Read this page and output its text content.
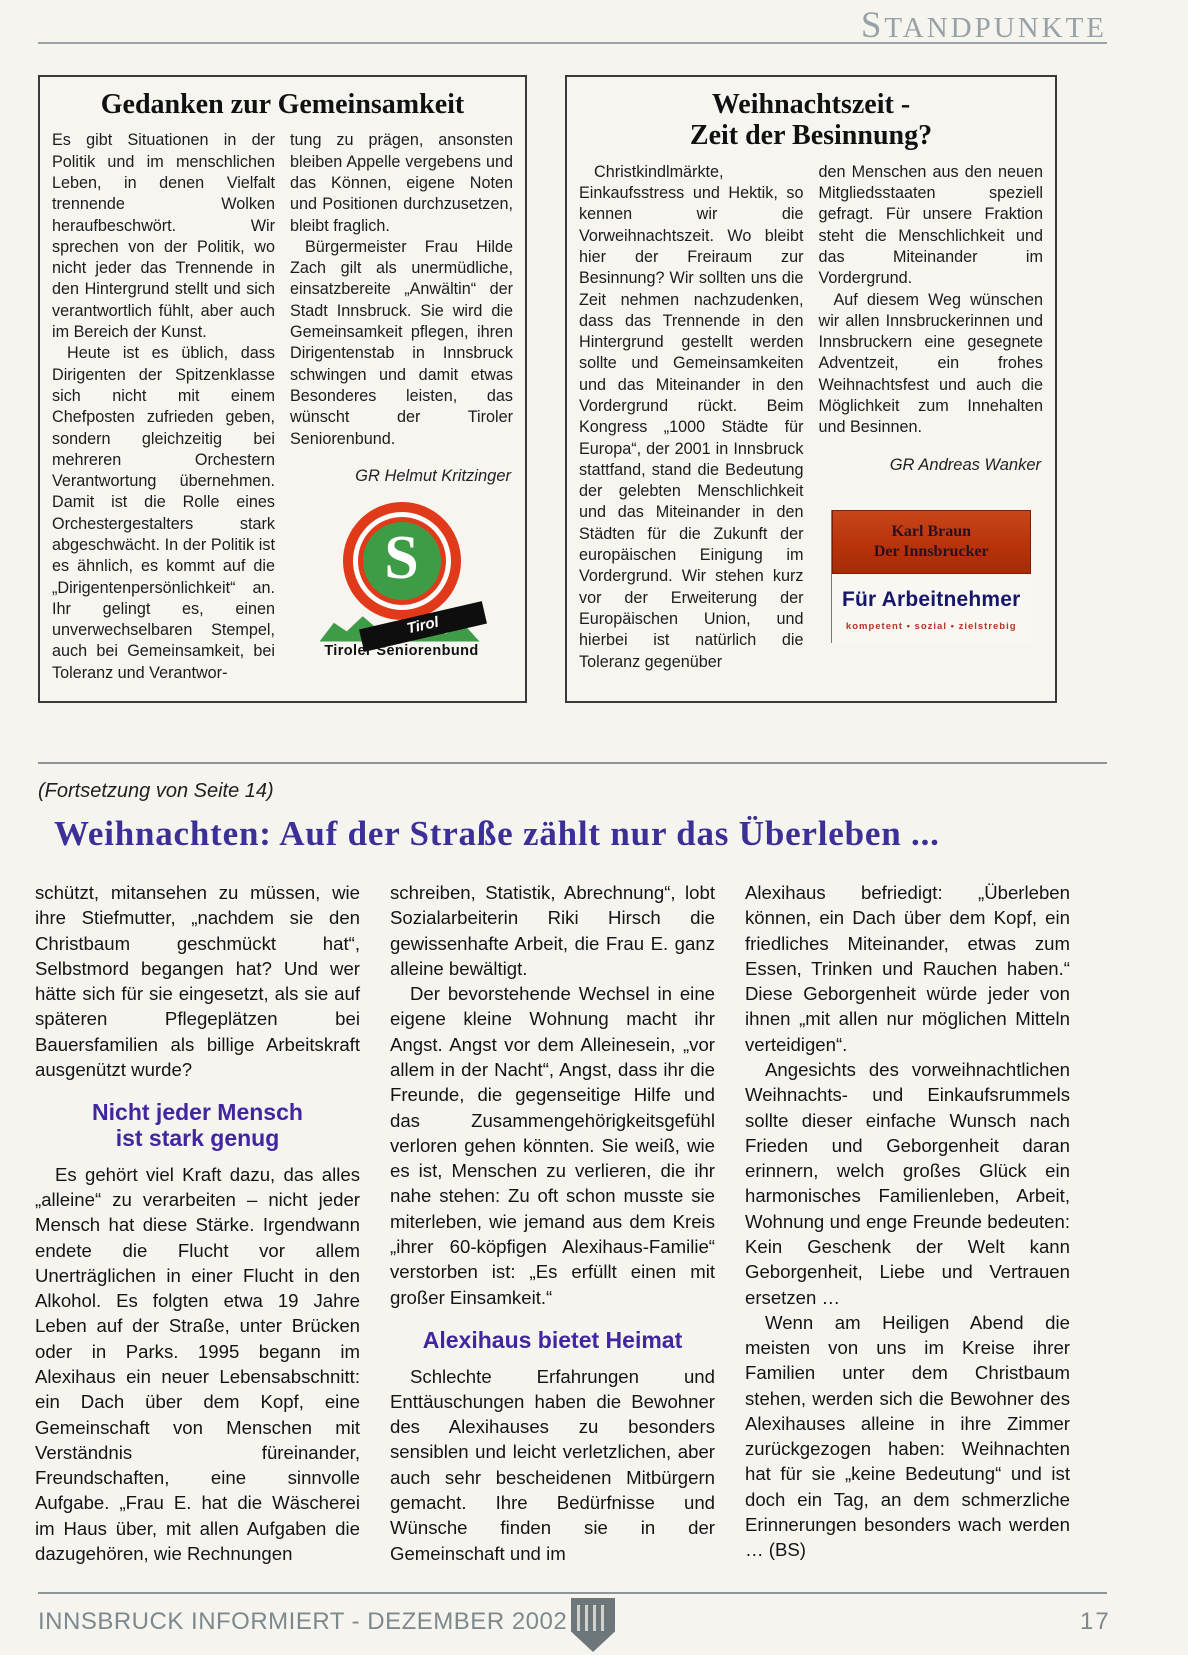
STANDPUNKTE
Gedanken zur Gemeinsamkeit

Es gibt Situationen in der Politik und im menschlichen Leben, in denen Vielfalt trennende Wolken heraufbeschwört. Wir sprechen von der Politik, wo nicht jeder das Trennende in den Hintergrund stellt und sich verantwortlich fühlt, aber auch im Bereich der Kunst.

Heute ist es üblich, dass Dirigenten der Spitzenklasse sich nicht mit einem Chefposten zufrieden geben, sondern gleichzeitig bei mehreren Orchestern Verantwortung übernehmen. Damit ist die Rolle eines Orchestergestalters stark abgeschwächt. In der Politik ist es ähnlich, es kommt auf die „Dirigentenpersönlichkeit“ an. Ihr gelingt es, einen unverwechselbaren Stempel, auch bei Gemeinsamkeit, bei Toleranz und Verantwor-

tung zu prägen, ansonsten bleiben Appelle vergebens und das Können, eigene Noten und Positionen durchzusetzen, bleibt fraglich.

Bürgermeister Frau Hilde Zach gilt als unermüdliche, einsatzbereite „Anwältin“ der Stadt Innsbruck. Sie wird die Gemeinsamkeit pflegen, ihren Dirigentenstab in Innsbruck schwingen und damit etwas Besonderes leisten, das wünscht der Tiroler Seniorenbund.

GR Helmut Kritzinger
S
Tirol
Tiroler Seniorenbund
Weihnachtszeit -
Zeit der Besinnung?

Christkindlmärkte, Einkaufsstress und Hektik, so kennen wir die Vorweihnachtszeit. Wo bleibt hier der Freiraum zur Besinnung? Wir sollten uns die Zeit nehmen nachzudenken, dass das Trennende in den Hintergrund gestellt werden sollte und Gemeinsamkeiten und das Miteinander in den Vordergrund rückt. Beim Kongress „1000 Städte für Europa“, der 2001 in Innsbruck stattfand, stand die Bedeutung der gelebten Menschlichkeit und das Miteinander in den Städten für die Zukunft der europäischen Einigung im Vordergrund. Wir stehen kurz vor der Erweiterung der Europäischen Union, und hierbei ist natürlich die Toleranz gegenüber

den Menschen aus den neuen Mitgliedsstaaten speziell gefragt. Für unsere Fraktion steht die Menschlichkeit und das Miteinander im Vordergrund.

Auf diesem Weg wünschen wir allen Innsbruckerinnen und Innsbruckern eine gesegnete Adventzeit, ein frohes Weihnachtsfest und auch die Möglichkeit zum Innehalten und Besinnen.

GR Andreas Wanker
Karl Braun
Der Innsbrucker
Für Arbeitnehmer
kompetent • sozial • zielstrebig
(Fortsetzung von Seite 14)
Weihnachten: Auf der Straße zählt nur das Überleben ...

schützt, mitansehen zu müssen, wie ihre Stiefmutter, „nachdem sie den Christbaum geschmückt hat“, Selbstmord begangen hat? Und wer hätte sich für sie eingesetzt, als sie auf späteren Pflegeplätzen bei Bauersfamilien als billige Arbeitskraft ausgenützt wurde?

Nicht jeder Mensch
ist stark genug

Es gehört viel Kraft dazu, das alles „alleine“ zu verarbeiten – nicht jeder Mensch hat diese Stärke. Irgendwann endete die Flucht vor allem Unerträglichen in einer Flucht in den Alkohol. Es folgten etwa 19 Jahre Leben auf der Straße, unter Brücken oder in Parks. 1995 begann im Alexihaus ein neuer Lebensabschnitt: ein Dach über dem Kopf, eine Gemeinschaft von Menschen mit Verständnis füreinander, Freundschaften, eine sinnvolle Aufgabe. „Frau E. hat die Wäscherei im Haus über, mit allen Aufgaben die dazugehören, wie Rechnungen

schreiben, Statistik, Abrechnung“, lobt Sozialarbeiterin Riki Hirsch die gewissenhafte Arbeit, die Frau E. ganz alleine bewältigt.

Der bevorstehende Wechsel in eine eigene kleine Wohnung macht ihr Angst. Angst vor dem Alleinesein, „vor allem in der Nacht“, Angst, dass ihr die Freunde, die gegenseitige Hilfe und das Zusammengehörigkeitsgefühl verloren gehen könnten. Sie weiß, wie es ist, Menschen zu verlieren, die ihr nahe stehen: Zu oft schon musste sie miterleben, wie jemand aus dem Kreis „ihrer 60-köpfigen Alexihaus-Familie“ verstorben ist: „Es erfüllt einen mit großer Einsamkeit.“

Alexihaus bietet Heimat

Schlechte Erfahrungen und Enttäuschungen haben die Bewohner des Alexihauses zu besonders sensiblen und leicht verletzlichen, aber auch sehr bescheidenen Mitbürgern gemacht. Ihre Bedürfnisse und Wünsche finden sie in der Gemeinschaft und im

Alexihaus befriedigt: „Überleben können, ein Dach über dem Kopf, ein friedliches Miteinander, etwas zum Essen, Trinken und Rauchen haben.“ Diese Geborgenheit würde jeder von ihnen „mit allen nur möglichen Mitteln verteidigen“.

Angesichts des vorweihnachtlichen Weihnachts- und Einkaufsrummels sollte dieser einfache Wunsch nach Frieden und Geborgenheit daran erinnern, welch großes Glück ein harmonisches Familienleben, Arbeit, Wohnung und enge Freunde bedeuten: Kein Geschenk der Welt kann Geborgenheit, Liebe und Vertrauen ersetzen …

Wenn am Heiligen Abend die meisten von uns im Kreise ihrer Familien unter dem Christbaum stehen, werden sich die Bewohner des Alexihauses alleine in ihre Zimmer zurückgezogen haben: Weihnachten hat für sie „keine Bedeutung“ und ist doch ein Tag, an dem schmerzliche Erinnerungen besonders wach werden … (BS)

INNSBRUCK INFORMIERT - DEZEMBER 2002	17
